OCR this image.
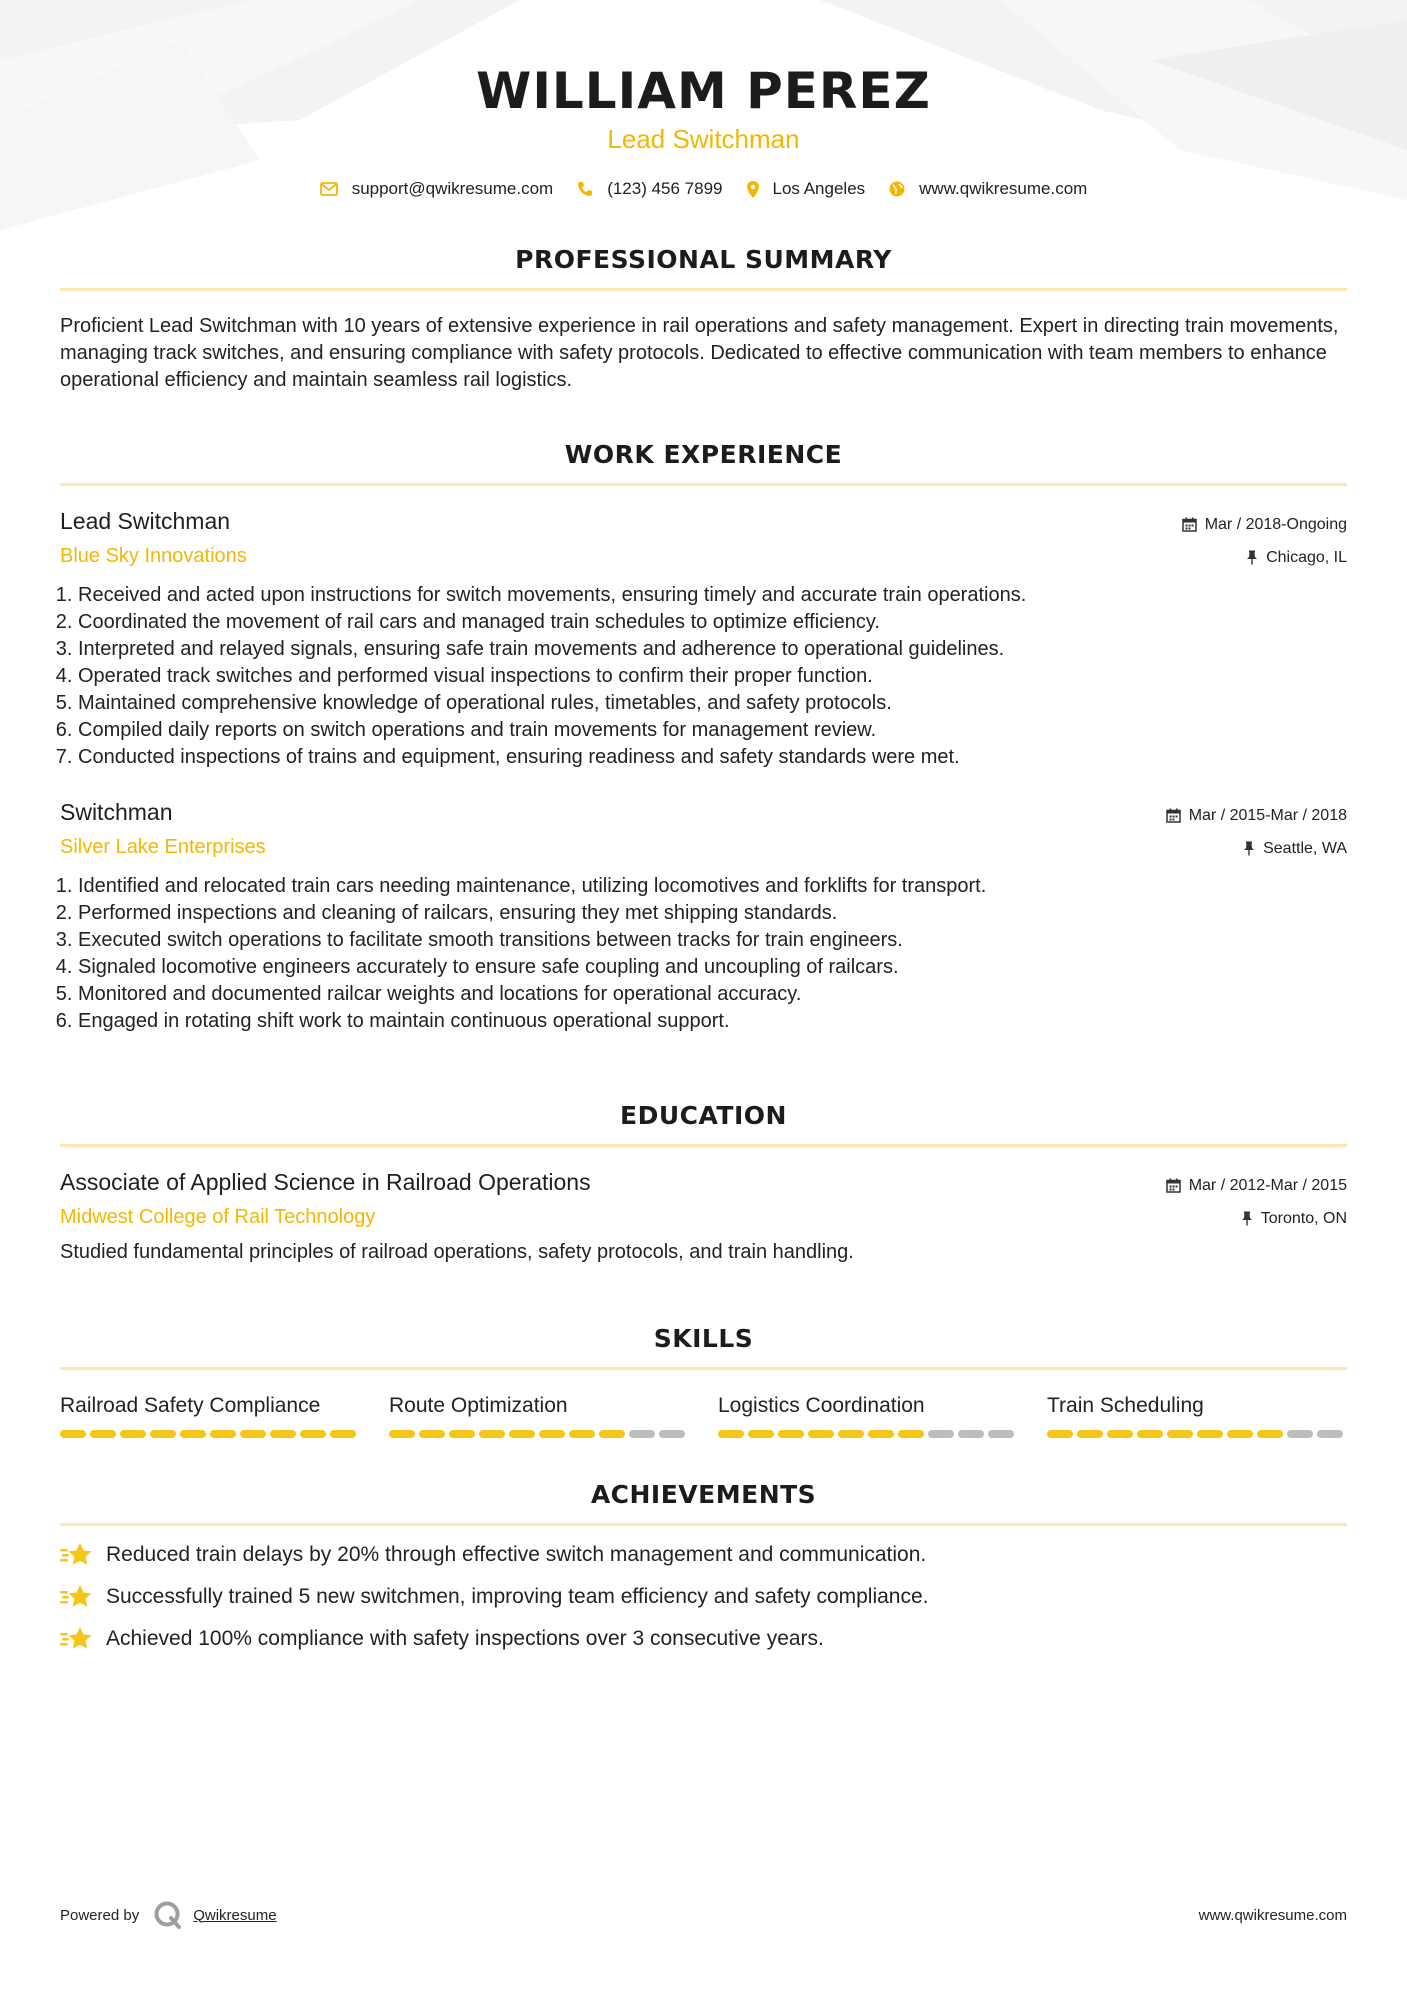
WILLIAM PEREZ
Lead Switchman
support@qwikresume.com	(123) 456 7899	Los Angeles	www.qwikresume.com
PROFESSIONAL SUMMARY
Proficient Lead Switchman with 10 years of extensive experience in rail operations and safety management. Expert in directing train movements, managing track switches, and ensuring compliance with safety protocols. Dedicated to effective communication with team members to enhance operational efficiency and maintain seamless rail logistics.
WORK EXPERIENCE
Lead Switchman
Blue Sky Innovations
Mar / 2018-Ongoing
Chicago, IL
1. Received and acted upon instructions for switch movements, ensuring timely and accurate train operations.
2. Coordinated the movement of rail cars and managed train schedules to optimize efficiency.
3. Interpreted and relayed signals, ensuring safe train movements and adherence to operational guidelines.
4. Operated track switches and performed visual inspections to confirm their proper function.
5. Maintained comprehensive knowledge of operational rules, timetables, and safety protocols.
6. Compiled daily reports on switch operations and train movements for management review.
7. Conducted inspections of trains and equipment, ensuring readiness and safety standards were met.
Switchman
Silver Lake Enterprises
Mar / 2015-Mar / 2018
Seattle, WA
1. Identified and relocated train cars needing maintenance, utilizing locomotives and forklifts for transport.
2. Performed inspections and cleaning of railcars, ensuring they met shipping standards.
3. Executed switch operations to facilitate smooth transitions between tracks for train engineers.
4. Signaled locomotive engineers accurately to ensure safe coupling and uncoupling of railcars.
5. Monitored and documented railcar weights and locations for operational accuracy.
6. Engaged in rotating shift work to maintain continuous operational support.
EDUCATION
Associate of Applied Science in Railroad Operations
Midwest College of Rail Technology
Mar / 2012-Mar / 2015
Toronto, ON
Studied fundamental principles of railroad operations, safety protocols, and train handling.
SKILLS
Railroad Safety Compliance	Route Optimization	Logistics Coordination	Train Scheduling
ACHIEVEMENTS
Reduced train delays by 20% through effective switch management and communication.
Successfully trained 5 new switchmen, improving team efficiency and safety compliance.
Achieved 100% compliance with safety inspections over 3 consecutive years.
Powered by	Qwikresume	www.qwikresume.com
